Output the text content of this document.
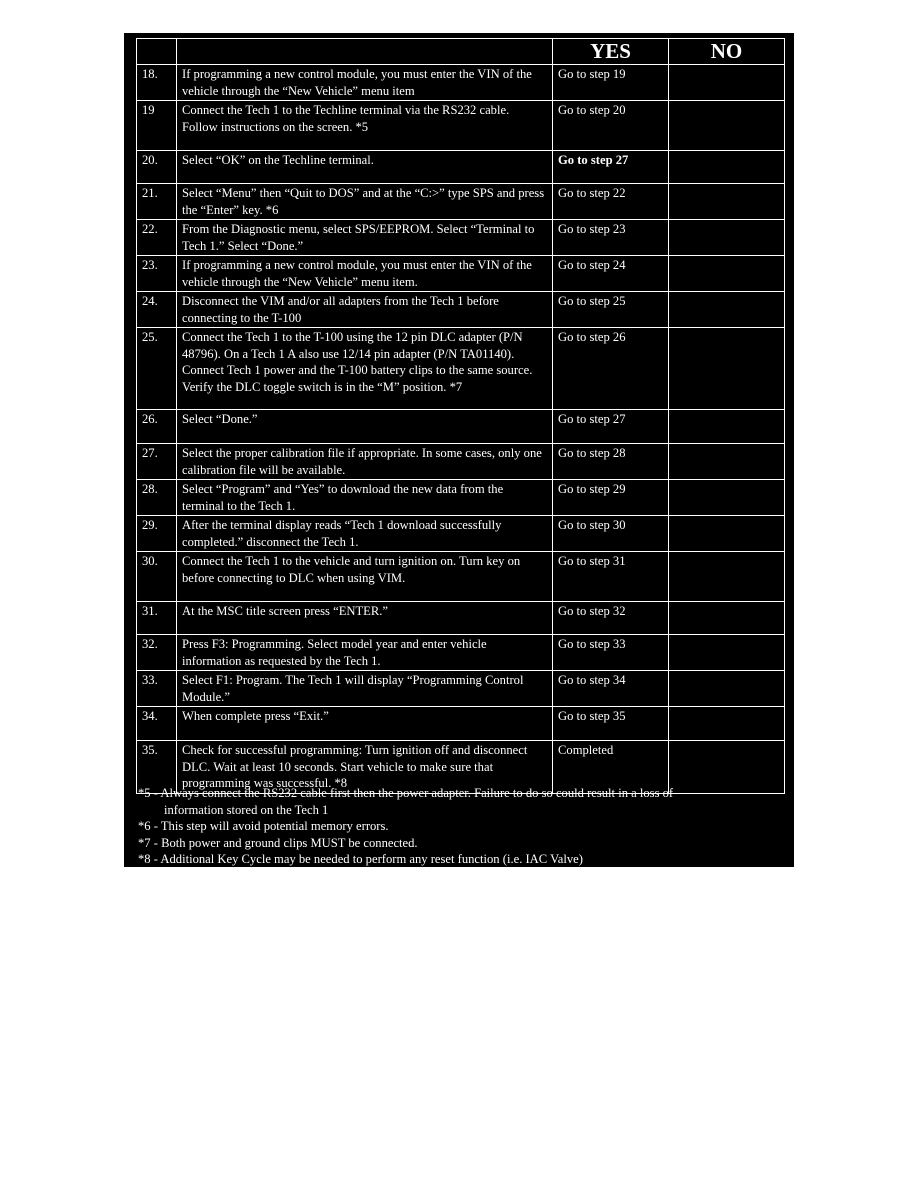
		YES	NO
18.	If programming a new control module, you must enter the VIN of the vehicle through the “New Vehicle” menu item	Go to step 19	
19	Connect the Tech 1 to the Techline terminal via the RS232 cable. Follow instructions on the screen. *5	Go to step 20	
20.	Select “OK” on the Techline terminal.	Go to step 27	
21.	Select “Menu” then “Quit to DOS” and at the “C:>” type SPS and press the “Enter” key. *6	Go to step 22	
22.	From the Diagnostic menu, select SPS/EEPROM. Select “Terminal to Tech 1.” Select “Done.”	Go to step 23	
23.	If programming a new control module, you must enter the VIN of the vehicle through the “New Vehicle” menu item.	Go to step 24	
24.	Disconnect the VIM and/or all adapters from the Tech 1 before connecting to the T-100	Go to step 25	
25.	Connect the Tech 1 to the T-100 using the 12 pin DLC adapter (P/N 48796). On a Tech 1 A also use 12/14 pin adapter (P/N TA01140). Connect Tech 1 power and the T-100 battery clips to the same source. Verify the DLC toggle switch is in the “M” position. *7	Go to step 26	
26.	Select “Done.”	Go to step 27	
27.	Select the proper calibration file if appropriate. In some cases, only one calibration file will be available.	Go to step 28	
28.	Select “Program” and “Yes” to download the new data from the terminal to the Tech 1.	Go to step 29	
29.	After the terminal display reads “Tech 1 download successfully completed.” disconnect the Tech 1.	Go to step 30	
30.	Connect the Tech 1 to the vehicle and turn ignition on. Turn key on before connecting to DLC when using VIM.	Go to step 31	
31.	At the MSC title screen press “ENTER.”	Go to step 32	
32.	Press F3: Programming. Select model year and enter vehicle information as requested by the Tech 1.	Go to step 33	
33.	Select F1: Program. The Tech 1 will display “Programming Control Module.”	Go to step 34	
34.	When complete press “Exit.”	Go to step 35	
35.	Check for successful programming: Turn ignition off and disconnect DLC. Wait at least 10 seconds. Start vehicle to make sure that programming was successful. *8	Completed	

*5 - Always connect the RS232 cable first then the power adapter. Failure to do so could result in a loss of

information stored on the Tech 1

*6 - This step will avoid potential memory errors.

*7 - Both power and ground clips MUST be connected.

*8 - Additional Key Cycle may be needed to perform any reset function (i.e. IAC Valve)
